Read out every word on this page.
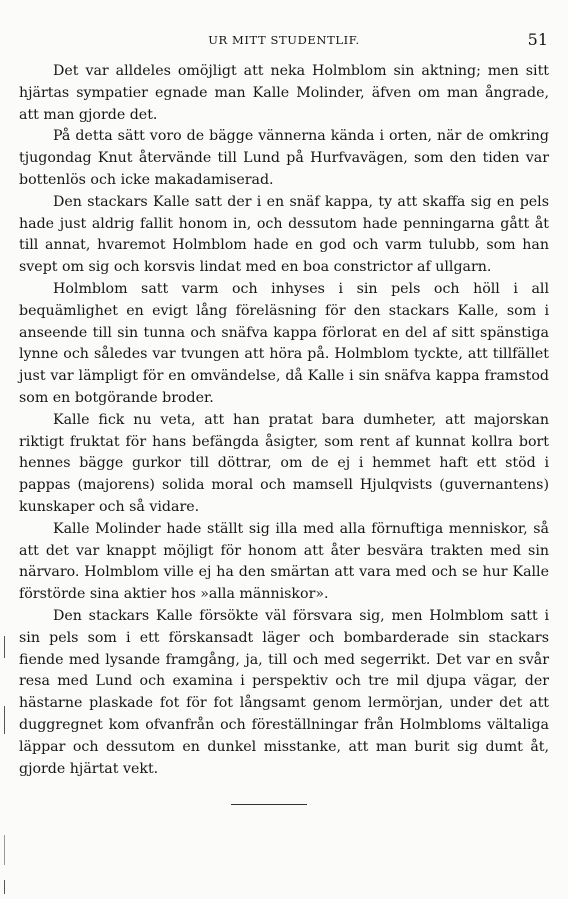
UR MITT STUDENTLIF.	51

Det var alldeles omöjligt att neka Holmblom sin aktning; men sitt hjärtas sympatier egnade man Kalle Molinder, äfven om man ångrade, att man gjorde det.

På detta sätt voro de bägge vännerna kända i orten, när de omkring tjugondag Knut återvände till Lund på Hurfvavägen, som den tiden var bottenlös och icke makadamiserad.

Den stackars Kalle satt der i en snäf kappa, ty att skaffa sig en pels hade just aldrig fallit honom in, och dessutom hade penningarna gått åt till annat, hvaremot Holmblom hade en god och varm tulubb, som han svept om sig och korsvis lindat med en boa constrictor af ullgarn.

Holmblom satt varm och inhyses i sin pels och höll i all bequämlighet en evigt lång föreläsning för den stackars Kalle, som i anseende till sin tunna och snäfva kappa förlorat en del af sitt spänstiga lynne och således var tvungen att höra på. Holmblom tyckte, att tillfället just var lämpligt för en omvändelse, då Kalle i sin snäfva kappa framstod som en botgörande broder.

Kalle fick nu veta, att han pratat bara dumheter, att majorskan riktigt fruktat för hans befängda åsigter, som rent af kunnat kollra bort hennes bägge gurkor till döttrar, om de ej i hemmet haft ett stöd i pappas (majorens) solida moral och mamsell Hjulqvists (guvernantens) kunskaper och så vidare.

Kalle Molinder hade ställt sig illa med alla förnuftiga menniskor, så att det var knappt möjligt för honom att åter besvära trakten med sin närvaro. Holmblom ville ej ha den smärtan att vara med och se hur Kalle förstörde sina aktier hos »alla människor».

Den stackars Kalle försökte väl försvara sig, men Holmblom satt i sin pels som i ett förskansadt läger och bombarderade sin stackars fiende med lysande framgång, ja, till och med segerrikt. Det var en svår resa med Lund och examina i perspektiv och tre mil djupa vägar, der hästarne plaskade fot för fot långsamt genom lermörjan, under det att duggregnet kom ofvanfrån och föreställningar från Holmbloms vältaliga läppar och dessutom en dunkel misstanke, att man burit sig dumt åt, gjorde hjärtat vekt.
